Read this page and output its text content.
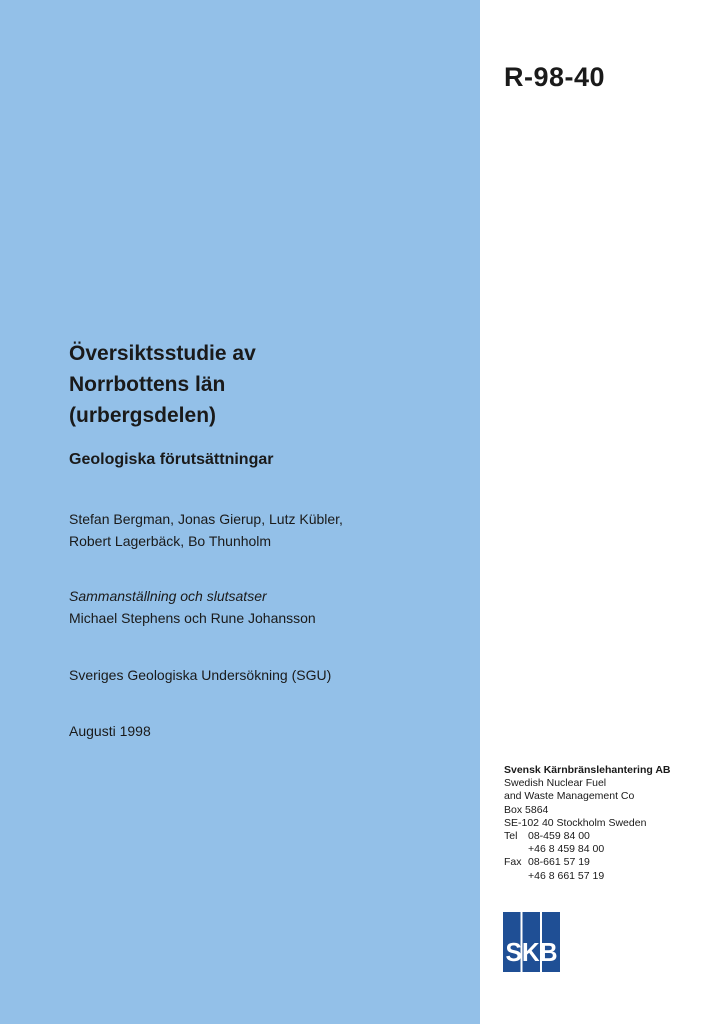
R-98-40
Översiktsstudie av
Norrbottens län
(urbergsdelen)
Geologiska förutsättningar
Stefan Bergman, Jonas Gierup, Lutz Kübler,
Robert Lagerbäck, Bo Thunholm
Sammanställning och slutsatser
Michael Stephens och Rune Johansson
Sveriges Geologiska Undersökning (SGU)
Augusti 1998
Svensk Kärnbränslehantering AB
Swedish Nuclear Fuel
and Waste Management Co
Box 5864
SE-102 40 Stockholm Sweden
Tel	08-459 84 00
+46 8 459 84 00
Fax 08-661 57 19
+46 8 661 57 19
SKB
